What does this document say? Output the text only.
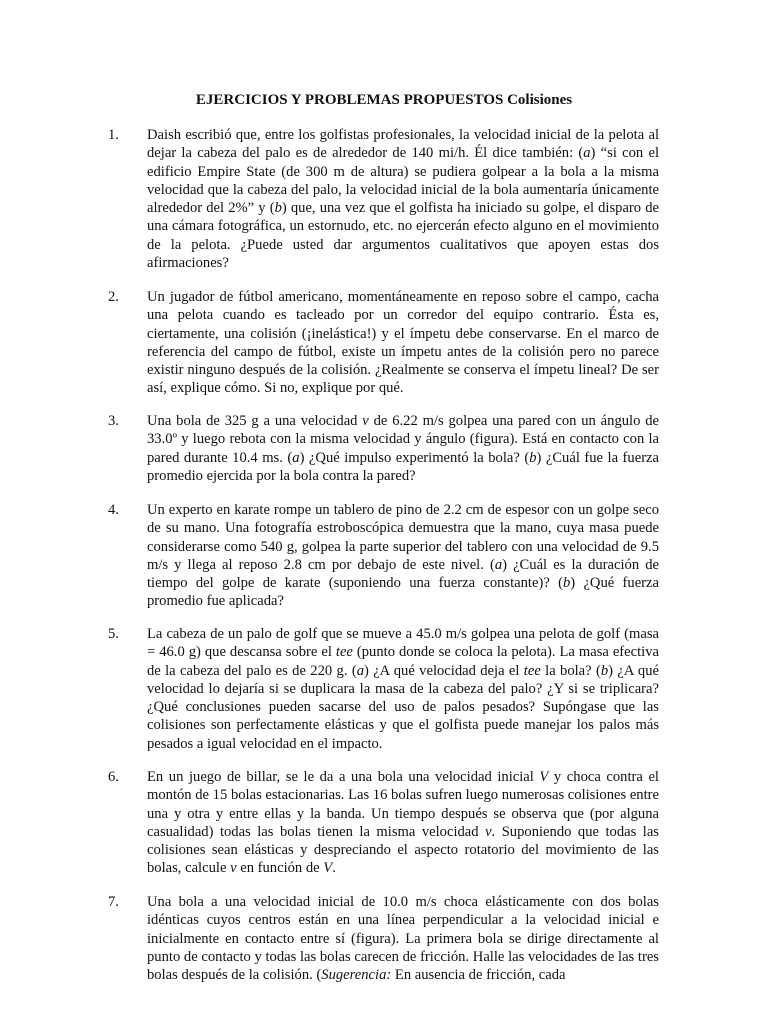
EJERCICIOS Y PROBLEMAS PROPUESTOS Colisiones
1.	Daish escribió que, entre los golfistas profesionales, la velocidad inicial de la pelota al dejar la cabeza del palo es de alrededor de 140 mi/h. Él dice también: (a) “si con el edificio Empire State (de 300 m de altura) se pudiera golpear a la bola a la misma velocidad que la cabeza del palo, la velocidad inicial de la bola aumentaría únicamente alrededor del 2%” y (b) que, una vez que el golfista ha iniciado su golpe, el disparo de una cámara fotográfica, un estornudo, etc. no ejercerán efecto alguno en el movimiento de la pelota. ¿Puede usted dar argumentos cualitativos que apoyen estas dos afirmaciones?
2.	Un jugador de fútbol americano, momentáneamente en reposo sobre el campo, cacha una pelota cuando es tacleado por un corredor del equipo contrario. Ésta es, ciertamente, una colisión (¡inelástica!) y el ímpetu debe conservarse. En el marco de referencia del campo de fútbol, existe un ímpetu antes de la colisión pero no parece existir ninguno después de la colisión. ¿Realmente se conserva el ímpetu lineal? De ser así, explique cómo. Si no, explique por qué.
3.	Una bola de 325 g a una velocidad v de 6.22 m/s golpea una pared con un ángulo de 33.0º y luego rebota con la misma velocidad y ángulo (figura). Está en contacto con la pared durante 10.4 ms. (a) ¿Qué impulso experimentó la bola? (b) ¿Cuál fue la fuerza promedio ejercida por la bola contra la pared?
4.	Un experto en karate rompe un tablero de pino de 2.2 cm de espesor con un golpe seco de su mano. Una fotografía estroboscópica demuestra que la mano, cuya masa puede considerarse como 540 g, golpea la parte superior del tablero con una velocidad de 9.5 m/s y llega al reposo 2.8 cm por debajo de este nivel. (a) ¿Cuál es la duración de tiempo del golpe de karate (suponiendo una fuerza constante)? (b) ¿Qué fuerza promedio fue aplicada?
5.	La cabeza de un palo de golf que se mueve a 45.0 m/s golpea una pelota de golf (masa = 46.0 g) que descansa sobre el tee (punto donde se coloca la pelota). La masa efectiva de la cabeza del palo es de 220 g. (a) ¿A qué velocidad deja el tee la bola? (b) ¿A qué velocidad lo dejaría si se duplicara la masa de la cabeza del palo? ¿Y si se triplicara? ¿Qué conclusiones pueden sacarse del uso de palos pesados? Supóngase que las colisiones son perfectamente elásticas y que el golfista puede manejar los palos más pesados a igual velocidad en el impacto.
6.	En un juego de billar, se le da a una bola una velocidad inicial V y choca contra el montón de 15 bolas estacionarias. Las 16 bolas sufren luego numerosas colisiones entre una y otra y entre ellas y la banda. Un tiempo después se observa que (por alguna casualidad) todas las bolas tienen la misma velocidad v. Suponiendo que todas las colisiones sean elásticas y despreciando el aspecto rotatorio del movimiento de las bolas, calcule v en función de V.
7.	Una bola a una velocidad inicial de 10.0 m/s choca elásticamente con dos bolas idénticas cuyos centros están en una línea perpendicular a la velocidad inicial e inicialmente en contacto entre sí (figura). La primera bola se dirige directamente al punto de contacto y todas las bolas carecen de fricción. Halle las velocidades de las tres bolas después de la colisión. (Sugerencia: En ausencia de fricción, cada
